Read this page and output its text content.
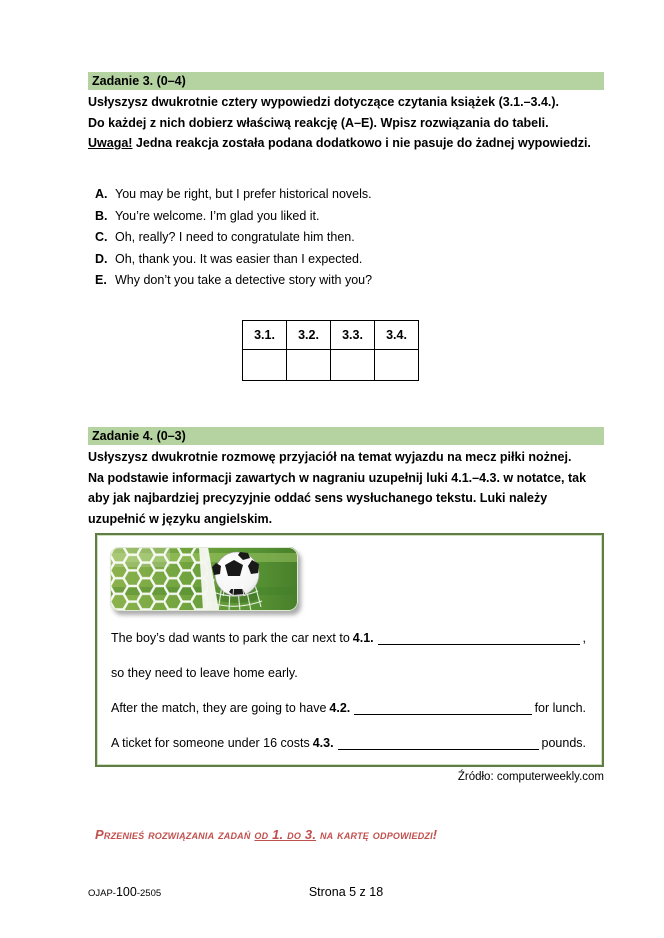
Zadanie 3. (0–4)
Usłyszysz dwukrotnie cztery wypowiedzi dotyczące czytania książek (3.1.–3.4.).
Do każdej z nich dobierz właściwą reakcję (A–E). Wpisz rozwiązania do tabeli.
Uwaga! Jedna reakcja została podana dodatkowo i nie pasuje do żadnej wypowiedzi.
A. You may be right, but I prefer historical novels.
B. You’re welcome. I’m glad you liked it.
C. Oh, really? I need to congratulate him then.
D. Oh, thank you. It was easier than I expected.
E. Why don’t you take a detective story with you?
3.1.	3.2.	3.3.	3.4.

Zadanie 4. (0–3)
Usłyszysz dwukrotnie rozmowę przyjaciół na temat wyjazdu na mecz piłki nożnej.
Na podstawie informacji zawartych w nagraniu uzupełnij luki 4.1.–4.3. w notatce, tak
aby jak najbardziej precyzyjnie oddać sens wysłuchanego tekstu. Luki należy
uzupełnić w języku angielskim.
The boy’s dad wants to park the car next to 4.1.	,
so they need to leave home early.
After the match, they are going to have 4.2.	for lunch.
A ticket for someone under 16 costs 4.3.	pounds.
Źródło: computerweekly.com
Przenieś rozwiązania zadań od 1. do 3. na kartę odpowiedzi!
OJAP-100-2505	Strona 5 z 18
